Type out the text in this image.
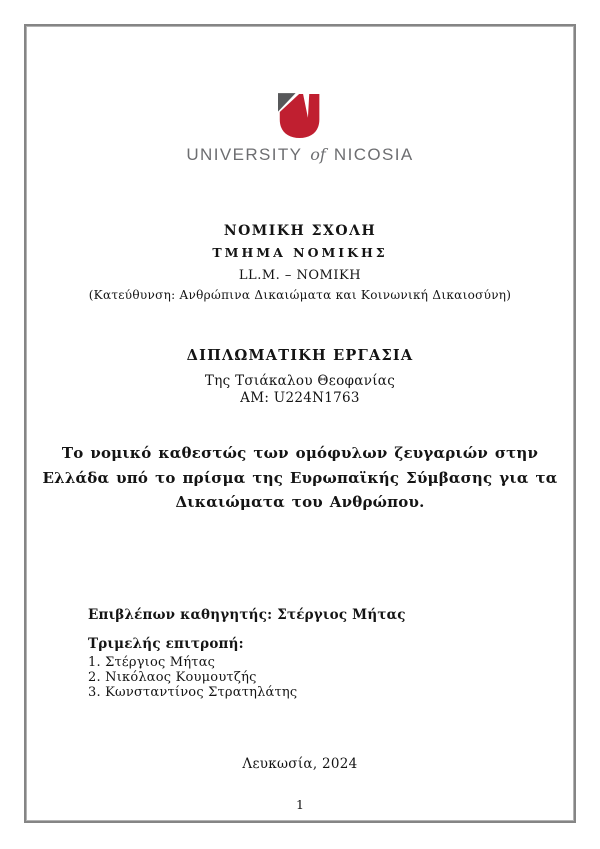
UNIVERSITY of NICOSIA
ΝΟΜΙΚΗ ΣΧΟΛΗ
ΤΜΗΜΑ ΝΟΜΙΚΗΣ
LL.M. – ΝΟΜΙΚΗ
(Κατεύθυνση: Ανθρώπινα Δικαιώματα και Κοινωνική Δικαιοσύνη)
ΔΙΠΛΩΜΑΤΙΚΗ ΕΡΓΑΣΙΑ
Της Τσιάκαλου Θεοφανίας
ΑΜ: U224N1763
Το νομικό καθεστώς των ομόφυλων ζευγαριών στην
Ελλάδα υπό το πρίσμα της Ευρωπαϊκής Σύμβασης για τα
Δικαιώματα του Ανθρώπου.
Επιβλέπων καθηγητής: Στέργιος Μήτας
Τριμελής επιτροπή:
1. Στέργιος Μήτας
2. Νικόλαος Κουμουτζής
3. Κωνσταντίνος Στρατηλάτης
Λευκωσία, 2024
1
